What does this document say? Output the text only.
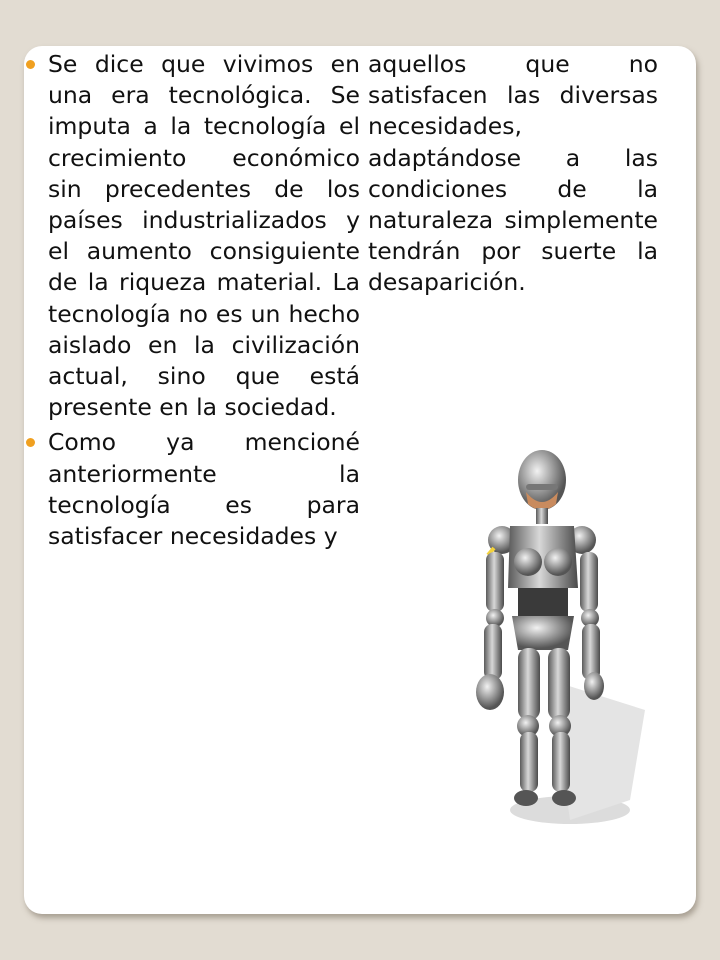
Se dice que vivimos en una era tecnológica. Se imputa a la tecnología el crecimiento económico sin precedentes de los países industrializados y el aumento consiguiente de la riqueza material. La tecnología no es un hecho aislado en la civilización actual, sino que está presente en la sociedad.
Como ya mencioné anteriormente la tecnología es para satisfacer necesidades y
aquellos que no satisfacen las diversas necesidades, adaptándose a las condiciones de la naturaleza simplemente tendrán por suerte la desaparición.
